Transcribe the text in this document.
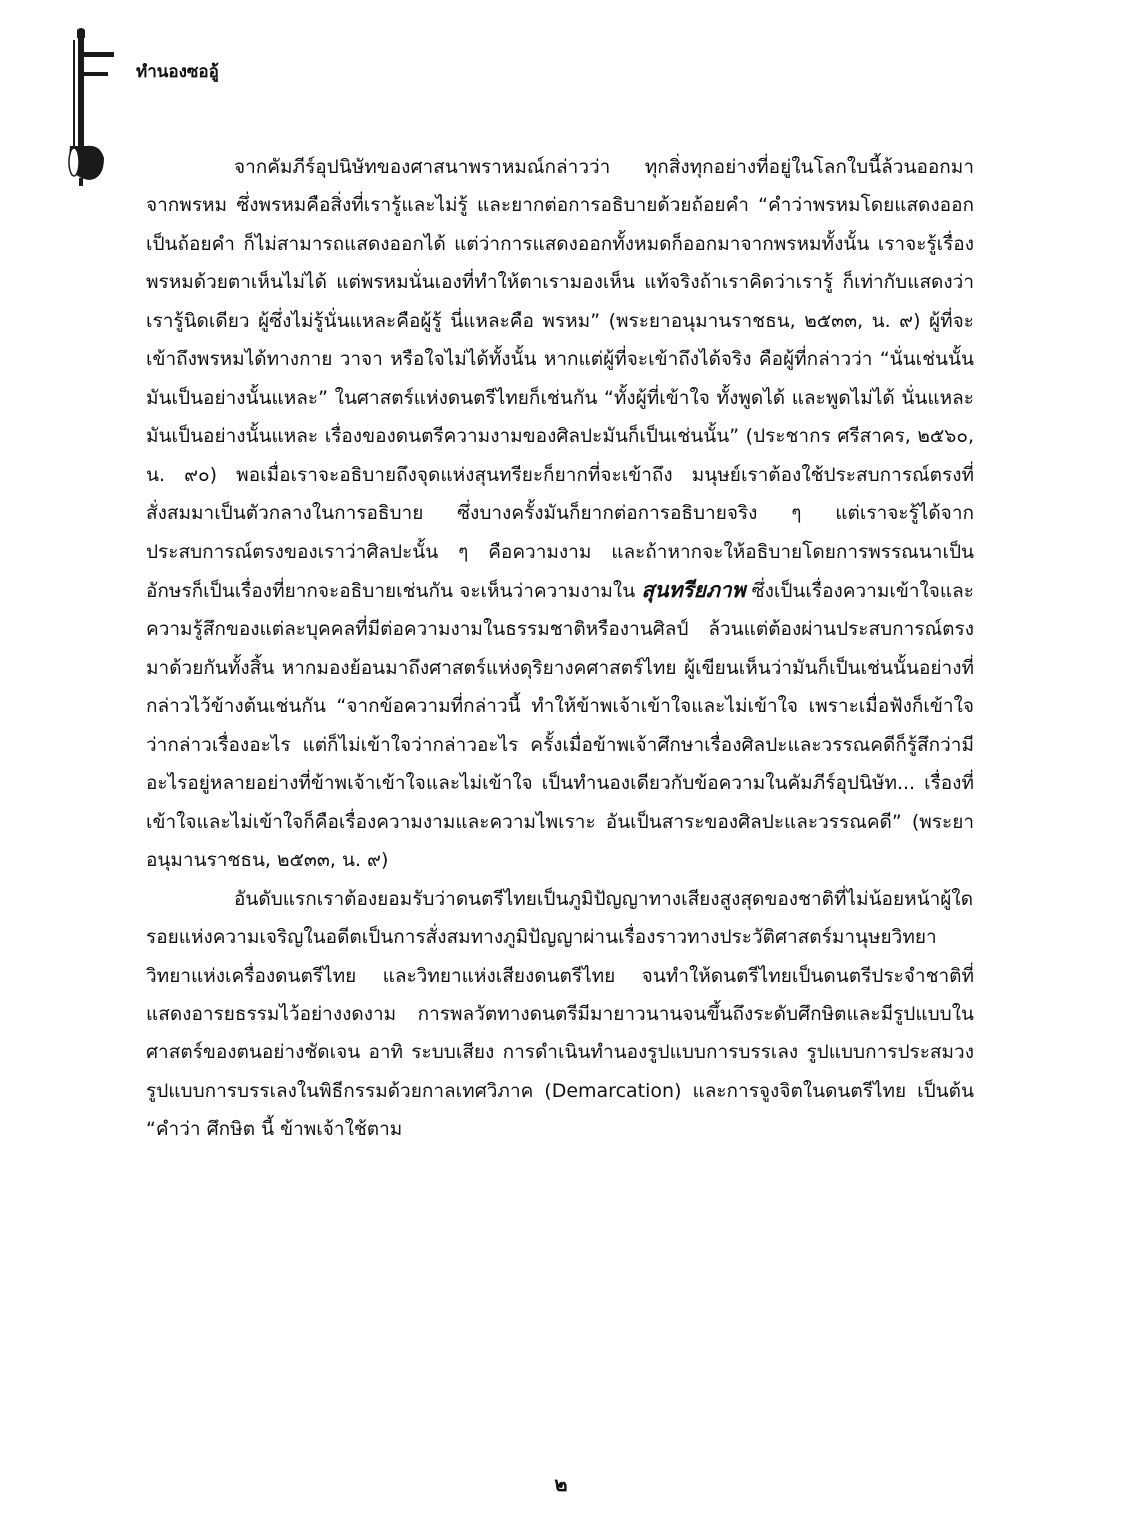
ทำนองซออู้

จากคัมภีร์อุปนิษัทของศาสนาพราหมณ์กล่าวว่า ทุกสิ่งทุกอย่างที่อยู่ในโลกใบนี้ล้วนออกมาจากพรหม ซึ่งพรหมคือสิ่งที่เรารู้และไม่รู้ และยากต่อการอธิบายด้วยถ้อยคำ “คำว่าพรหมโดยแสดงออกเป็นถ้อยคำ ก็ไม่สามารถแสดงออกได้ แต่ว่าการแสดงออกทั้งหมดก็ออกมาจากพรหมทั้งนั้น เราจะรู้เรื่องพรหมด้วยตาเห็นไม่ได้ แต่พรหมนั่นเองที่ทำให้ตาเรามองเห็น แท้จริงถ้าเราคิดว่าเรารู้ ก็เท่ากับแสดงว่าเรารู้นิดเดียว ผู้ซึ่งไม่รู้นั่นแหละคือผู้รู้ นี่แหละคือ พรหม” (พระยาอนุมานราชธน, ๒๕๓๓, น. ๙) ผู้ที่จะเข้าถึงพรหมได้ทางกาย วาจา หรือใจไม่ได้ทั้งนั้น หากแต่ผู้ที่จะเข้าถึงได้จริง คือผู้ที่กล่าวว่า “นั่นเช่นนั้น มันเป็นอย่างนั้นแหละ” ในศาสตร์แห่งดนตรีไทยก็เช่นกัน “ทั้งผู้ที่เข้าใจ ทั้งพูดได้ และพูดไม่ได้ นั่นแหละ มันเป็นอย่างนั้นแหละ เรื่องของดนตรีความงามของศิลปะมันก็เป็นเช่นนั้น” (ประชากร ศรีสาคร, ๒๕๖๐, น. ๙๐) พอเมื่อเราจะอธิบายถึงจุดแห่งสุนทรียะก็ยากที่จะเข้าถึง มนุษย์เราต้องใช้ประสบการณ์ตรงที่สั่งสมมาเป็นตัวกลางในการอธิบาย ซึ่งบางครั้งมันก็ยากต่อการอธิบายจริง ๆ แต่เราจะรู้ได้จากประสบการณ์ตรงของเราว่าศิลปะนั้น ๆ คือความงาม และถ้าหากจะให้อธิบายโดยการพรรณนาเป็นอักษรก็เป็นเรื่องที่ยากจะอธิบายเช่นกัน จะเห็นว่าความงามใน สุนทรียภาพ ซึ่งเป็นเรื่องความเข้าใจและความรู้สึกของแต่ละบุคคลที่มีต่อความงามในธรรมชาติหรืองานศิลป์ ล้วนแต่ต้องผ่านประสบการณ์ตรงมาด้วยกันทั้งสิ้น หากมองย้อนมาถึงศาสตร์แห่งดุริยางคศาสตร์ไทย ผู้เขียนเห็นว่ามันก็เป็นเช่นนั้นอย่างที่กล่าวไว้ข้างต้นเช่นกัน “จากข้อความที่กล่าวนี้ ทำให้ข้าพเจ้าเข้าใจและไม่เข้าใจ เพราะเมื่อฟังก็เข้าใจว่ากล่าวเรื่องอะไร แต่ก็ไม่เข้าใจว่ากล่าวอะไร ครั้งเมื่อข้าพเจ้าศึกษาเรื่องศิลปะและวรรณคดีก็รู้สึกว่ามีอะไรอยู่หลายอย่างที่ข้าพเจ้าเข้าใจและไม่เข้าใจ เป็นทำนองเดียวกับข้อความในคัมภีร์อุปนิษัท... เรื่องที่เข้าใจและไม่เข้าใจก็คือเรื่องความงามและความไพเราะ อันเป็นสาระของศิลปะและวรรณคดี” (พระยาอนุมานราชธน, ๒๕๓๓, น. ๙)

อันดับแรกเราต้องยอมรับว่าดนตรีไทยเป็นภูมิปัญญาทางเสียงสูงสุดของชาติที่ไม่น้อยหน้าผู้ใด รอยแห่งความเจริญในอดีตเป็นการสั่งสมทางภูมิปัญญาผ่านเรื่องราวทางประวัติศาสตร์มานุษยวิทยา วิทยาแห่งเครื่องดนตรีไทย และวิทยาแห่งเสียงดนตรีไทย จนทำให้ดนตรีไทยเป็นดนตรีประจำชาติที่แสดงอารยธรรมไว้อย่างงดงาม การพลวัตทางดนตรีมีมายาวนานจนขึ้นถึงระดับศึกษิตและมีรูปแบบในศาสตร์ของตนอย่างชัดเจน อาทิ ระบบเสียง การดำเนินทำนองรูปแบบการบรรเลง รูปแบบการประสมวง รูปแบบการบรรเลงในพิธีกรรมด้วยกาลเทศวิภาค (Demarcation) และการจูงจิตในดนตรีไทย เป็นต้น “คำว่า ศึกษิต นี้ ข้าพเจ้าใช้ตาม

๒
